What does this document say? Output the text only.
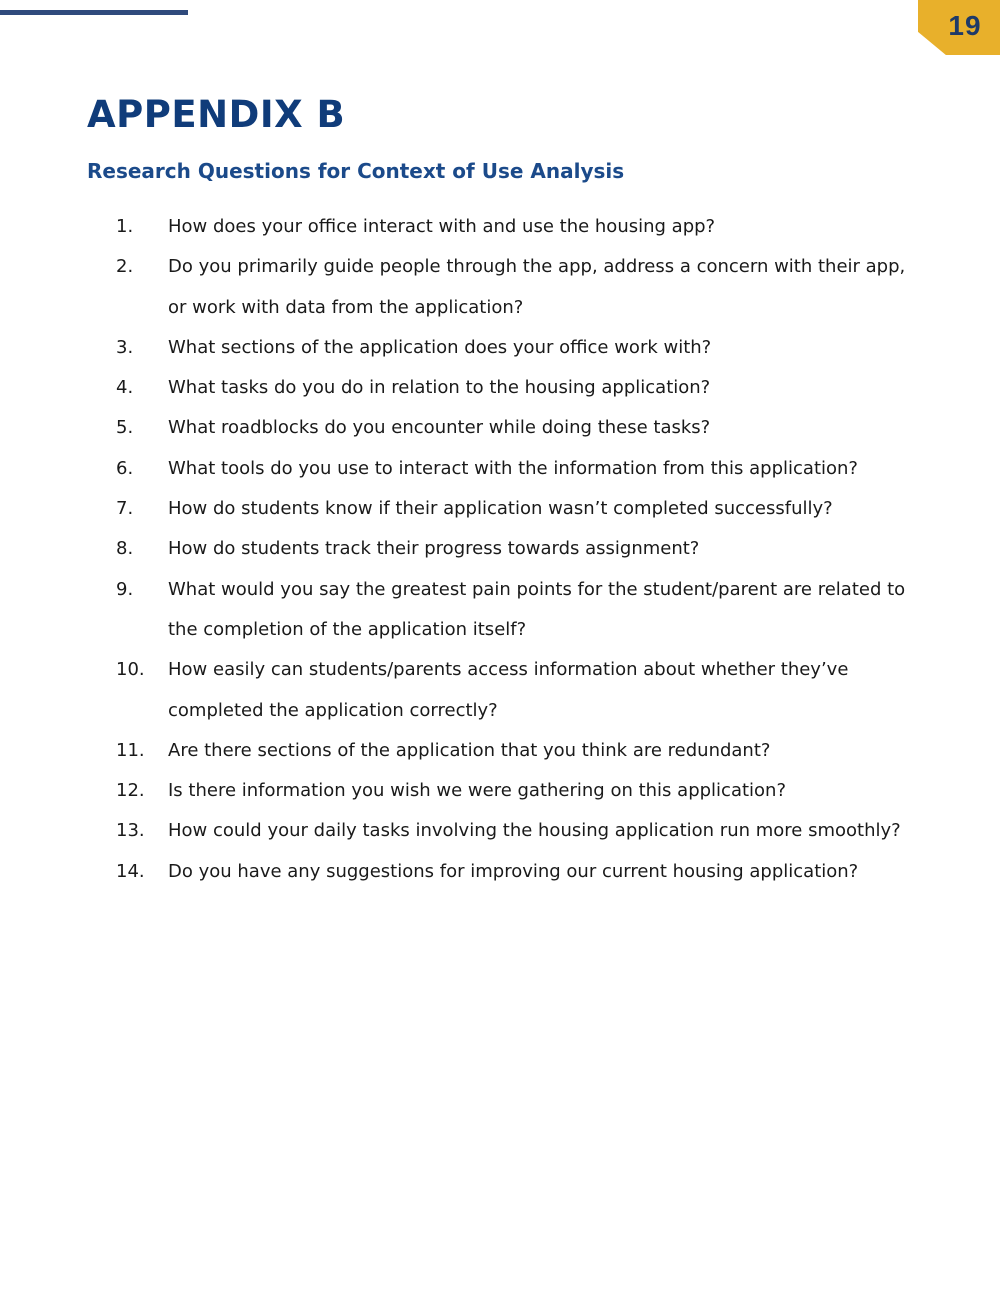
19
APPENDIX B
Research Questions for Context of Use Analysis
1. How does your office interact with and use the housing app?
2. Do you primarily guide people through the app, address a concern with their app, or work with data from the application?
3. What sections of the application does your office work with?
4. What tasks do you do in relation to the housing application?
5. What roadblocks do you encounter while doing these tasks?
6. What tools do you use to interact with the information from this application?
7. How do students know if their application wasn’t completed successfully?
8. How do students track their progress towards assignment?
9. What would you say the greatest pain points for the student/parent are related to the completion of the application itself?
10. How easily can students/parents access information about whether they’ve completed the application correctly?
11. Are there sections of the application that you think are redundant?
12. Is there information you wish we were gathering on this application?
13. How could your daily tasks involving the housing application run more smoothly?
14. Do you have any suggestions for improving our current housing application?
